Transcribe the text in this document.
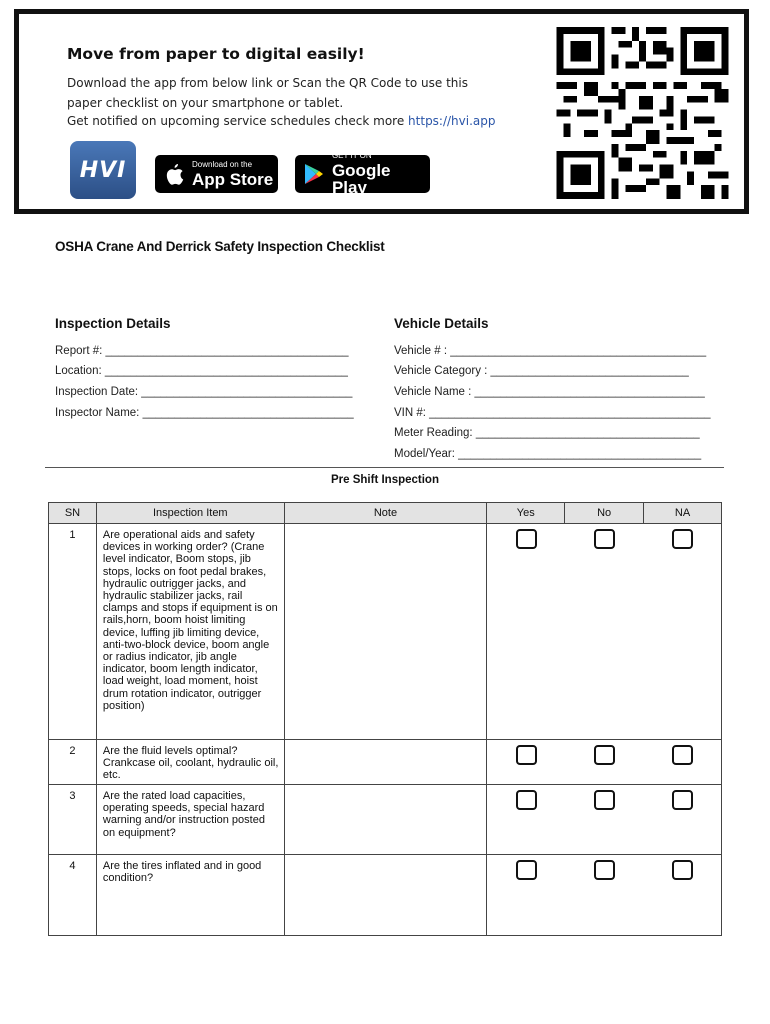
Move from paper to digital easily!
Download the app from below link or Scan the QR Code to use this
paper checklist on your smartphone or tablet.
Get notified on upcoming service schedules check more https://hvi.app
HVI	Download on the
App Store
GET IT ON
Google Play
OSHA Crane And Derrick Safety Inspection Checklist
Inspection Details
Report #: ______________________________________
Location: ______________________________________
Inspection Date: _________________________________
Inspector Name: _________________________________
Vehicle Details
Vehicle # : ________________________________________
Vehicle Category : _______________________________
Vehicle Name : ____________________________________
VIN #: ____________________________________________
Meter Reading: ___________________________________
Model/Year: ______________________________________
Pre Shift Inspection
SN	Inspection Item	Note	Yes	No	NA
1	Are operational aids and safety devices in working order? (Crane level indicator, Boom stops, jib stops, locks on foot pedal brakes, hydraulic outrigger jacks, and hydraulic stabilizer jacks, rail clamps and stops if equipment is on rails,horn, boom hoist limiting device, luffing jib limiting device, anti-two-block device, boom angle or radius indicator, jib angle indicator, boom length indicator, load weight, load moment, hoist drum rotation indicator, outrigger position)				
2	Are the fluid levels optimal? Crankcase oil, coolant, hydraulic oil, etc.				
3	Are the rated load capacities, operating speeds, special hazard warning and/or instruction posted on equipment?				
4	Are the tires inflated and in good condition?				
